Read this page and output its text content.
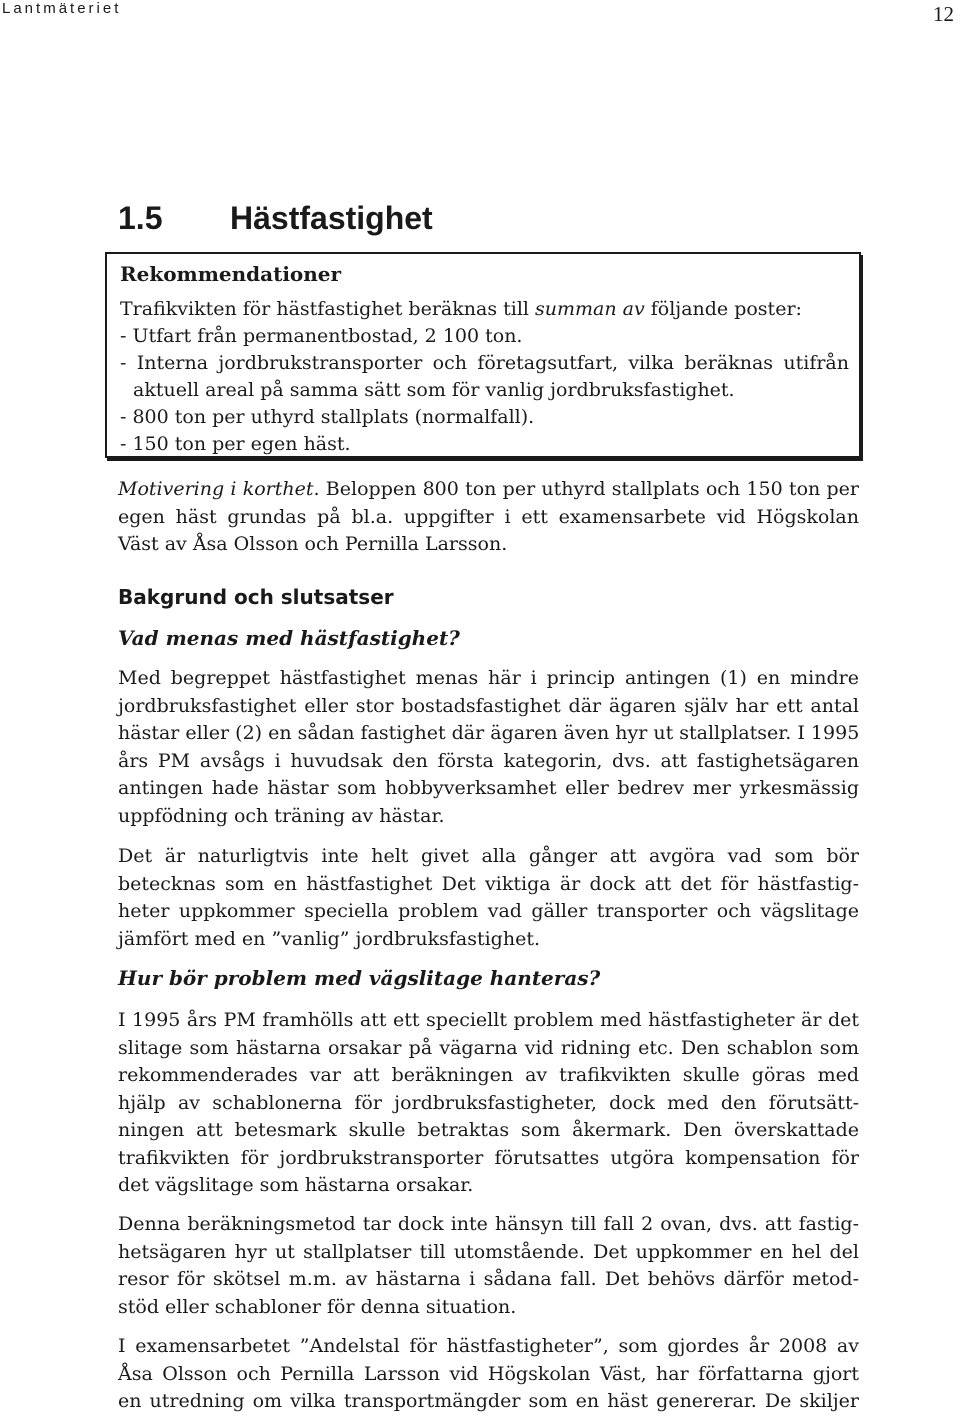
Lantmäteriet	12
1.5 Hästfastighet
Rekommendationer
Trafikvikten för hästfastighet beräknas till summan av följande poster:
- Utfart från permanentbostad, 2 100 ton.
- Interna jordbrukstransporter och företagsutfart, vilka beräknas utifrån
aktuell areal på samma sätt som för vanlig jordbruksfastighet.
- 800 ton per uthyrd stallplats (normalfall).
- 150 ton per egen häst.
Motivering i korthet. Beloppen 800 ton per uthyrd stallplats och 150 ton per
egen häst grundas på bl.a. uppgifter i ett examensarbete vid Högskolan
Väst av Åsa Olsson och Pernilla Larsson.
Bakgrund och slutsatser
Vad menas med hästfastighet?
Med begreppet hästfastighet menas här i princip antingen (1) en mindre
jordbruksfastighet eller stor bostadsfastighet där ägaren själv har ett antal
hästar eller (2) en sådan fastighet där ägaren även hyr ut stallplatser. I 1995
års PM avsågs i huvudsak den första kategorin, dvs. att fastighetsägaren
antingen hade hästar som hobbyverksamhet eller bedrev mer yrkesmässig
uppfödning och träning av hästar.
Det är naturligtvis inte helt givet alla gånger att avgöra vad som bör
betecknas som en hästfastighet Det viktiga är dock att det för hästfastig-
heter uppkommer speciella problem vad gäller transporter och vägslitage
jämfört med en ”vanlig” jordbruksfastighet.
Hur bör problem med vägslitage hanteras?
I 1995 års PM framhölls att ett speciellt problem med hästfastigheter är det
slitage som hästarna orsakar på vägarna vid ridning etc. Den schablon som
rekommenderades var att beräkningen av trafikvikten skulle göras med
hjälp av schablonerna för jordbruksfastigheter, dock med den förutsätt-
ningen att betesmark skulle betraktas som åkermark. Den överskattade
trafikvikten för jordbrukstransporter förutsattes utgöra kompensation för
det vägslitage som hästarna orsakar.
Denna beräkningsmetod tar dock inte hänsyn till fall 2 ovan, dvs. att fastig-
hetsägaren hyr ut stallplatser till utomstående. Det uppkommer en hel del
resor för skötsel m.m. av hästarna i sådana fall. Det behövs därför metod-
stöd eller schabloner för denna situation.
I examensarbetet ”Andelstal för hästfastigheter”, som gjordes år 2008 av
Åsa Olsson och Pernilla Larsson vid Högskolan Väst, har författarna gjort
en utredning om vilka transportmängder som en häst genererar. De skiljer
